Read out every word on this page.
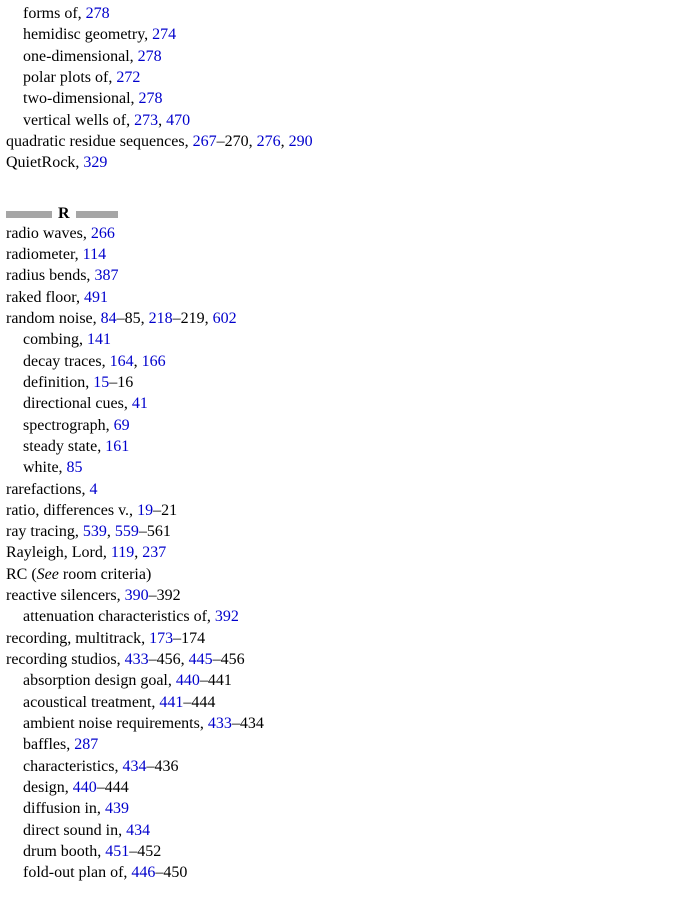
forms of, 278

hemidisc geometry, 274

one-dimensional, 278

polar plots of, 272

two-dimensional, 278

vertical wells of, 273, 470

quadratic residue sequences, 267–270, 276, 290

QuietRock, 329

R

radio waves, 266

radiometer, 114

radius bends, 387

raked floor, 491

random noise, 84–85, 218–219, 602

combing, 141

decay traces, 164, 166

definition, 15–16

directional cues, 41

spectrograph, 69

steady state, 161

white, 85

rarefactions, 4

ratio, differences v., 19–21

ray tracing, 539, 559–561

Rayleigh, Lord, 119, 237

RC (See room criteria)

reactive silencers, 390–392

attenuation characteristics of, 392

recording, multitrack, 173–174

recording studios, 433–456, 445–456

absorption design goal, 440–441

acoustical treatment, 441–444

ambient noise requirements, 433–434

baffles, 287

characteristics, 434–436

design, 440–444

diffusion in, 439

direct sound in, 434

drum booth, 451–452

fold-out plan of, 446–450
